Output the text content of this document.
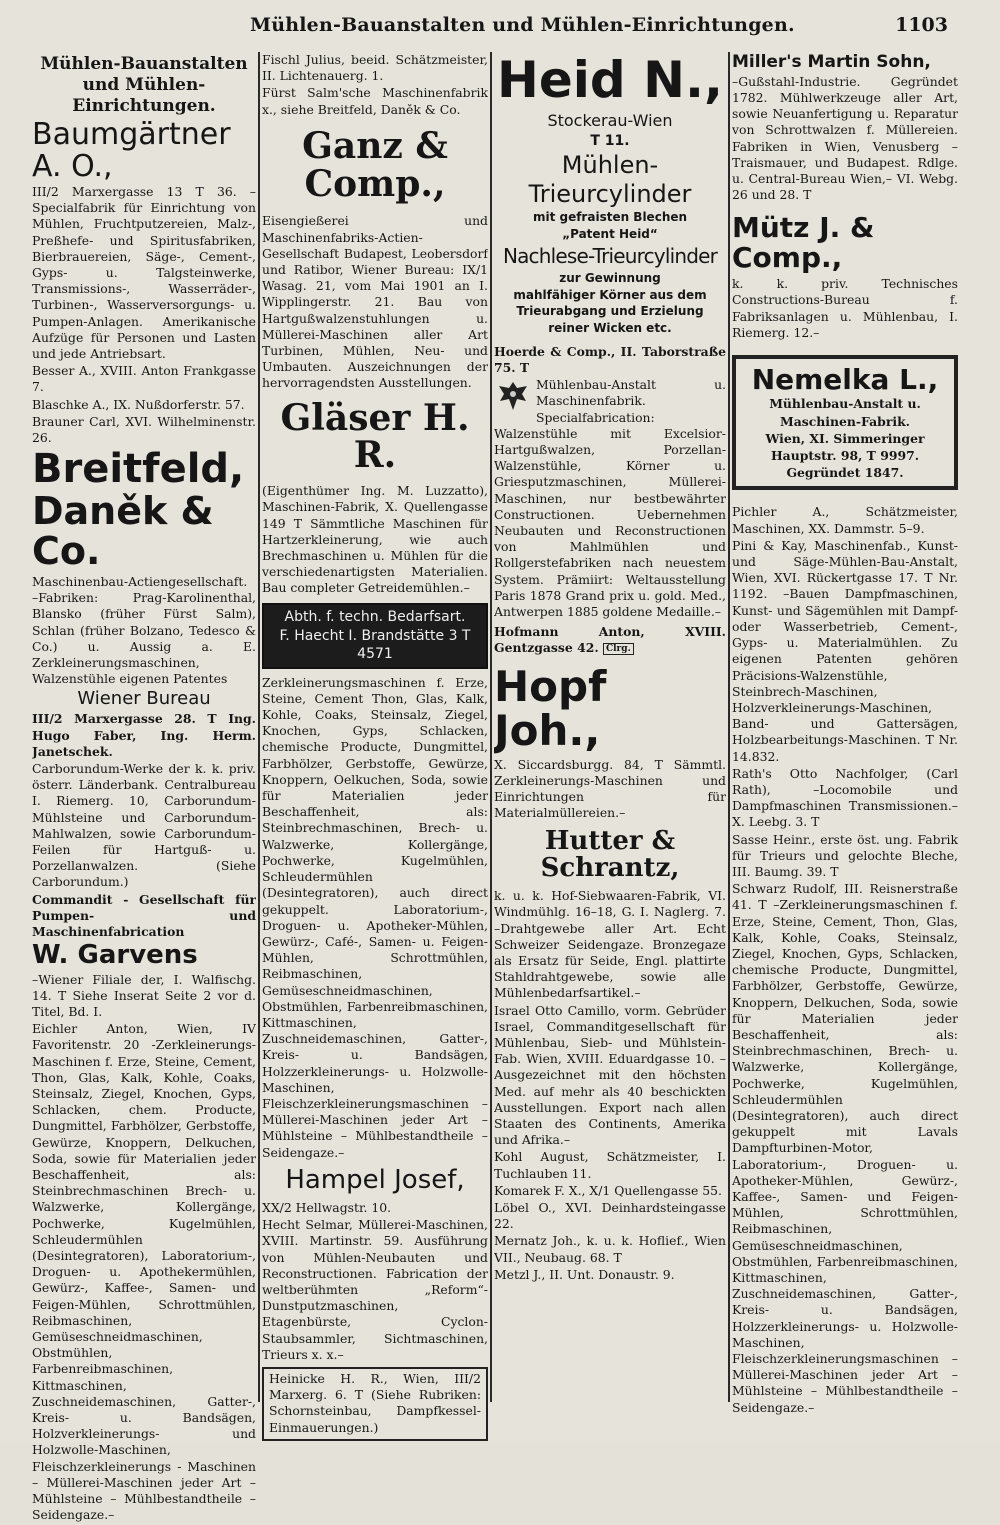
Mühlen-Bauanstalten und Mühlen-Einrichtungen.	1103

Mühlen-Bauanstalten und Mühlen-Einrichtungen.

Baumgärtner A. O.,

III/2 Marxergasse 13 T 36. –Specialfabrik für Einrichtung von Mühlen, Fruchtputzereien, Malz-, Preßhefe- und Spiritusfabriken, Bierbrauereien, Säge-, Cement-, Gyps- u. Talgsteinwerke, Transmissions-, Wasserräder-, Turbinen-, Wasserversorgungs- u. Pumpen-Anlagen. Amerikanische Aufzüge für Personen und Lasten und jede Antriebsart.

Besser A., XVIII. Anton Frankgasse 7.

Blaschke A., IX. Nußdorferstr. 57.

Brauner Carl, XVI. Wilhelminenstr. 26.

Breitfeld,

Daněk & Co.

Maschinenbau-Actiengesellschaft. –Fabriken: Prag-Karolinenthal, Blansko (früher Fürst Salm), Schlan (früher Bolzano, Tedesco & Co.) u. Aussig a. E. Zerkleinerungsmaschinen, Walzenstühle eigenen Patentes

Wiener Bureau

III/2 Marxergasse 28. T Ing. Hugo Faber, Ing. Herm. Janetschek.

Carborundum-Werke der k. k. priv. österr. Länderbank. Centralbureau I. Riemerg. 10, Carborundum-Mühlsteine und Carborundum-Mahlwalzen, sowie Carborundum-Feilen für Hartguß- u. Porzellanwalzen. (Siehe Carborundum.)

Commandit - Gesellschaft für Pumpen- und Maschinenfabrication

W. Garvens

–Wiener Filiale der, I. Walfischg. 14. T Siehe Inserat Seite 2 vor d. Titel, Bd. I.

Eichler Anton, Wien, IV Favoritenstr. 20 -Zerkleinerungs-Maschinen f. Erze, Steine, Cement, Thon, Glas, Kalk, Kohle, Coaks, Steinsalz, Ziegel, Knochen, Gyps, Schlacken, chem. Producte, Dungmittel, Farbhölzer, Gerbstoffe, Gewürze, Knoppern, Delkuchen, Soda, sowie für Materialien jeder Beschaffenheit, als: Steinbrechmaschinen Brech- u. Walzwerke, Kollergänge, Pochwerke, Kugelmühlen, Schleudermühlen (Desintegratoren), Laboratorium-, Droguen- u. Apothekermühlen, Gewürz-, Kaffee-, Samen- und Feigen-Mühlen, Schrottmühlen, Reibmaschinen, Gemüseschneidmaschinen, Obstmühlen, Farbenreibmaschinen, Kittmaschinen, Zuschneidemaschinen, Gatter-, Kreis- u. Bandsägen, Holzverkleinerungs- und Holzwolle-Maschinen, Fleischzerkleinerungs - Maschinen – Müllerei-Maschinen jeder Art – Mühlsteine – Mühlbestandtheile – Seidengaze.–

Fischl Julius, beeid. Schätzmeister, II. Lichtenauerg. 1.

Fürst Salm'sche Maschinenfabrik x., siehe Breitfeld, Daněk & Co.

Ganz & Comp.,

Eisengießerei und Maschinenfabriks-Actien-Gesellschaft Budapest, Leobersdorf und Ratibor, Wiener Bureau: IX/1 Wasag. 21, vom Mai 1901 an I. Wipplingerstr. 21. Bau von Hartgußwalzenstuhlungen u. Müllerei-Maschinen aller Art Turbinen, Mühlen, Neu- und Umbauten. Auszeichnungen der hervorragendsten Ausstellungen.

Gläser H. R.

(Eigenthümer Ing. M. Luzzatto), Maschinen-Fabrik, X. Quellengasse 149 T Sämmtliche Maschinen für Hartzerkleinerung, wie auch Brechmaschinen u. Mühlen für die verschiedenartigsten Materialien. Bau completer Getreidemühlen.–

Abth. f. techn. Bedarfsart.

F. Haecht I. Brandstätte 3 T 4571

Zerkleinerungsmaschinen f. Erze, Steine, Cement Thon, Glas, Kalk, Kohle, Coaks, Steinsalz, Ziegel, Knochen, Gyps, Schlacken, chemische Producte, Dungmittel, Farbhölzer, Gerbstoffe, Gewürze, Knoppern, Oelkuchen, Soda, sowie für Materialien jeder Beschaffenheit, als: Steinbrechmaschinen, Brech- u. Walzwerke, Kollergänge, Pochwerke, Kugelmühlen, Schleudermühlen (Desintegratoren), auch direct gekuppelt. Laboratorium-, Droguen- u. Apotheker-Mühlen, Gewürz-, Café-, Samen- u. Feigen-Mühlen, Schrottmühlen, Reibmaschinen, Gemüseschneidmaschinen, Obstmühlen, Farbenreibmaschinen, Kittmaschinen, Zuschneidemaschinen, Gatter-, Kreis- u. Bandsägen, Holzzerkleinerungs- u. Holzwolle-Maschinen, Fleischzerkleinerungsmaschinen – Müllerei-Maschinen jeder Art – Mühlsteine – Mühlbestandtheile – Seidengaze.–

Hampel Josef,

XX/2 Hellwagstr. 10.

Hecht Selmar, Müllerei-Maschinen, XVIII. Martinstr. 59. Ausführung von Mühlen-Neubauten und Reconstructionen. Fabrication der weltberühmten „Reform“-Dunstputzmaschinen, Etagenbürste, Cyclon-Staubsammler, Sichtmaschinen, Trieurs x. x.–

Heinicke H. R., Wien, III/2 Marxerg. 6. T (Siehe Rubriken: Schornsteinbau, Dampfkessel-Einmauerungen.)

Heid N.,

Stockerau-Wien

T 11.

Mühlen-

Trieurcylinder

mit gefraisten Blechen

„Patent Heid“

Nachlese-Trieurcylinder

zur Gewinnung

mahlfähiger Körner aus dem Trieurabgang und Erzielung reiner Wicken etc.

Hoerde & Comp., II. Taborstraße 75. T

Mühlenbau-Anstalt u. Maschinenfabrik. Specialfabrication: Walzenstühle mit Excelsior-Hartgußwalzen, Porzellan-Walzenstühle, Körner u. Griesputzmaschinen, Müllerei-Maschinen, nur bestbewährter Constructionen. Uebernehmen Neubauten und Reconstructionen von Mahlmühlen und Rollgerstefabriken nach neuestem System. Prämiirt: Weltausstellung Paris 1878 Grand prix u. gold. Med., Antwerpen 1885 goldene Medaille.–

Hofmann Anton, XVIII. Gentzgasse 42. Clrg.

Hopf Joh.,

X. Siccardsburgg. 84, T Sämmtl. Zerkleinerungs-Maschinen und Einrichtungen für Materialmüllereien.–

Hutter & Schrantz,

k. u. k. Hof-Siebwaaren-Fabrik, VI. Windmühlg. 16–18, G. I. Naglerg. 7. –Drahtgewebe aller Art. Echt Schweizer Seidengaze. Bronzegaze als Ersatz für Seide, Engl. plattirte Stahldrahtgewebe, sowie alle Mühlenbedarfsartikel.–

Israel Otto Camillo, vorm. Gebrüder Israel, Commanditgesellschaft für Mühlenbau, Sieb- und Mühlstein-Fab. Wien, XVIII. Eduardgasse 10. –Ausgezeichnet mit den höchsten Med. auf mehr als 40 beschickten Ausstellungen. Export nach allen Staaten des Continents, Amerika und Afrika.–

Kohl August, Schätzmeister, I. Tuchlauben 11.

Komarek F. X., X/1 Quellengasse 55.

Löbel O., XVI. Deinhardsteingasse 22.

Mernatz Joh., k. u. k. Hoflief., Wien VII., Neubaug. 68. T

Metzl J., II. Unt. Donaustr. 9.

Miller's Martin Sohn,

–Gußstahl-Industrie. Gegründet 1782. Mühlwerkzeuge aller Art, sowie Neuanfertigung u. Reparatur von Schrottwalzen f. Müllereien. Fabriken in Wien, Venusberg – Traismauer, und Budapest. Rdlge. u. Central-Bureau Wien,– VI. Webg. 26 und 28. T

Mütz J. & Comp.,

k. k. priv. Technisches Constructions-Bureau f. Fabriksanlagen u. Mühlenbau, I. Riemerg. 12.–

Nemelka L.,

Mühlenbau-Anstalt u.

Maschinen-Fabrik.

Wien, XI. Simmeringer

Hauptstr. 98, T 9997.

Gegründet 1847.

Pichler A., Schätzmeister, Maschinen, XX. Dammstr. 5–9.

Pini & Kay, Maschinenfab., Kunst- und Säge-Mühlen-Bau-Anstalt, Wien, XVI. Rückertgasse 17. T Nr. 1192. –Bauen Dampfmaschinen, Kunst- und Sägemühlen mit Dampf- oder Wasserbetrieb, Cement-, Gyps- u. Materialmühlen. Zu eigenen Patenten gehören Präcisions-Walzenstühle, Steinbrech-Maschinen, Holzverkleinerungs-Maschinen, Band- und Gattersägen, Holzbearbeitungs-Maschinen. T Nr. 14.832.

Rath's Otto Nachfolger, (Carl Rath), –Locomobile und Dampfmaschinen Transmissionen.– X. Leebg. 3. T

Sasse Heinr., erste öst. ung. Fabrik für Trieurs und gelochte Bleche, III. Baumg. 39. T

Schwarz Rudolf, III. Reisnerstraße 41. T –Zerkleinerungsmaschinen f. Erze, Steine, Cement, Thon, Glas, Kalk, Kohle, Coaks, Steinsalz, Ziegel, Knochen, Gyps, Schlacken, chemische Producte, Dungmittel, Farbhölzer, Gerbstoffe, Gewürze, Knoppern, Delkuchen, Soda, sowie für Materialien jeder Beschaffenheit, als: Steinbrechmaschinen, Brech- u. Walzwerke, Kollergänge, Pochwerke, Kugelmühlen, Schleudermühlen (Desintegratoren), auch direct gekuppelt mit Lavals Dampfturbinen-Motor, Laboratorium-, Droguen- u. Apotheker-Mühlen, Gewürz-, Kaffee-, Samen- und Feigen-Mühlen, Schrottmühlen, Reibmaschinen, Gemüseschneidmaschinen, Obstmühlen, Farbenreibmaschinen, Kittmaschinen, Zuschneidemaschinen, Gatter-, Kreis- u. Bandsägen, Holzzerkleinerungs- u. Holzwolle-Maschinen, Fleischzerkleinerungsmaschinen – Müllerei-Maschinen jeder Art – Mühlsteine – Mühlbestandtheile – Seidengaze.–
